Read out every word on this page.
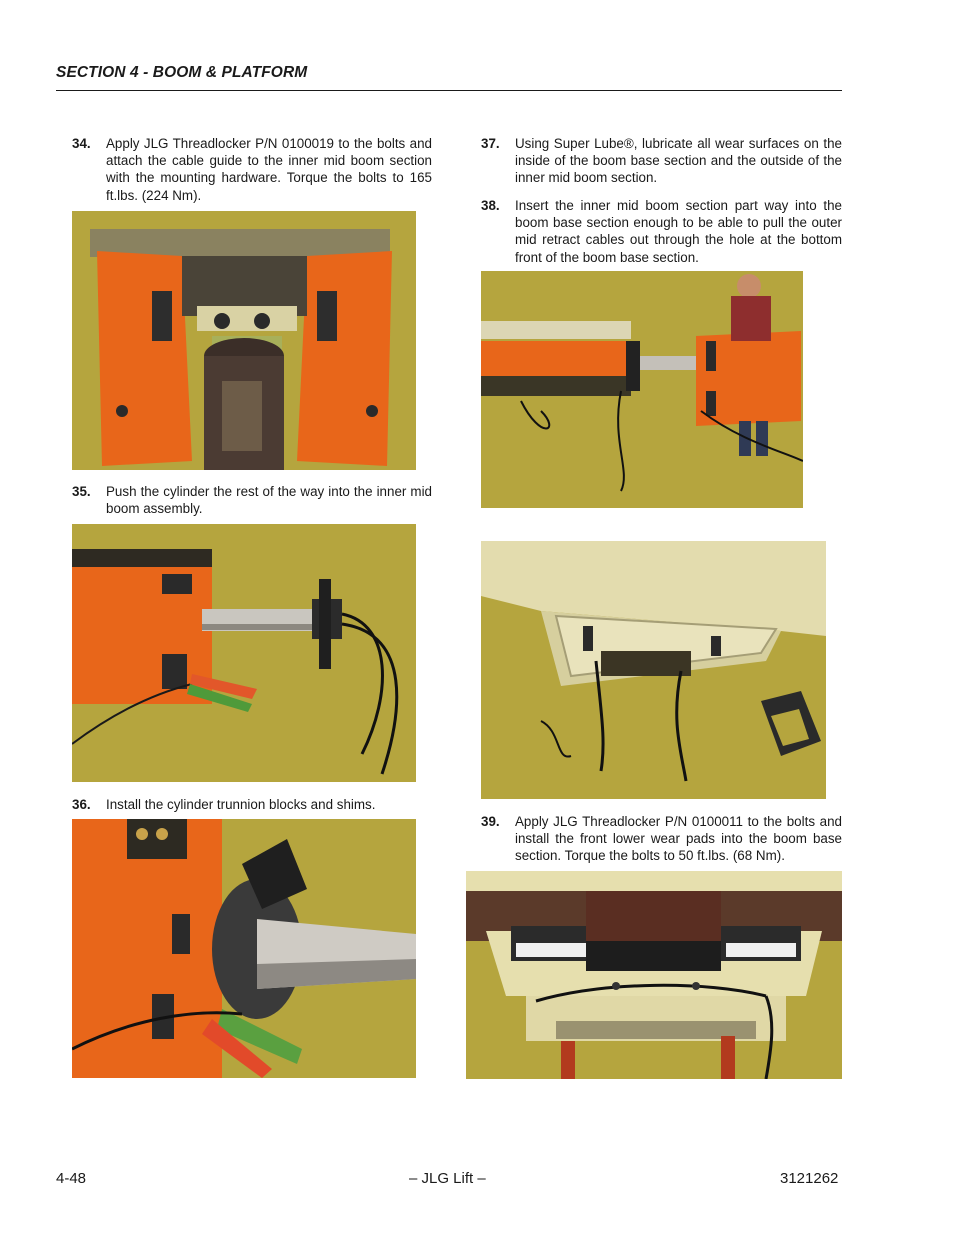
SECTION 4 - BOOM & PLATFORM
34. Apply JLG Threadlocker P/N 0100019 to the bolts and attach the cable guide to the inner mid boom section with the mounting hardware. Torque the bolts to 165 ft.lbs. (224 Nm).
35. Push the cylinder the rest of the way into the inner mid boom assembly.
36. Install the cylinder trunnion blocks and shims.
37. Using Super Lube®, lubricate all wear surfaces on the inside of the boom base section and the outside of the inner mid boom section.
38. Insert the inner mid boom section part way into the boom base section enough to be able to pull the outer mid retract cables out through the hole at the bottom front of the boom base section.
39. Apply JLG Threadlocker P/N 0100011 to the bolts and install the front lower wear pads into the boom base section. Torque the bolts to 50 ft.lbs. (68 Nm).
4-48	– JLG Lift –	3121262
